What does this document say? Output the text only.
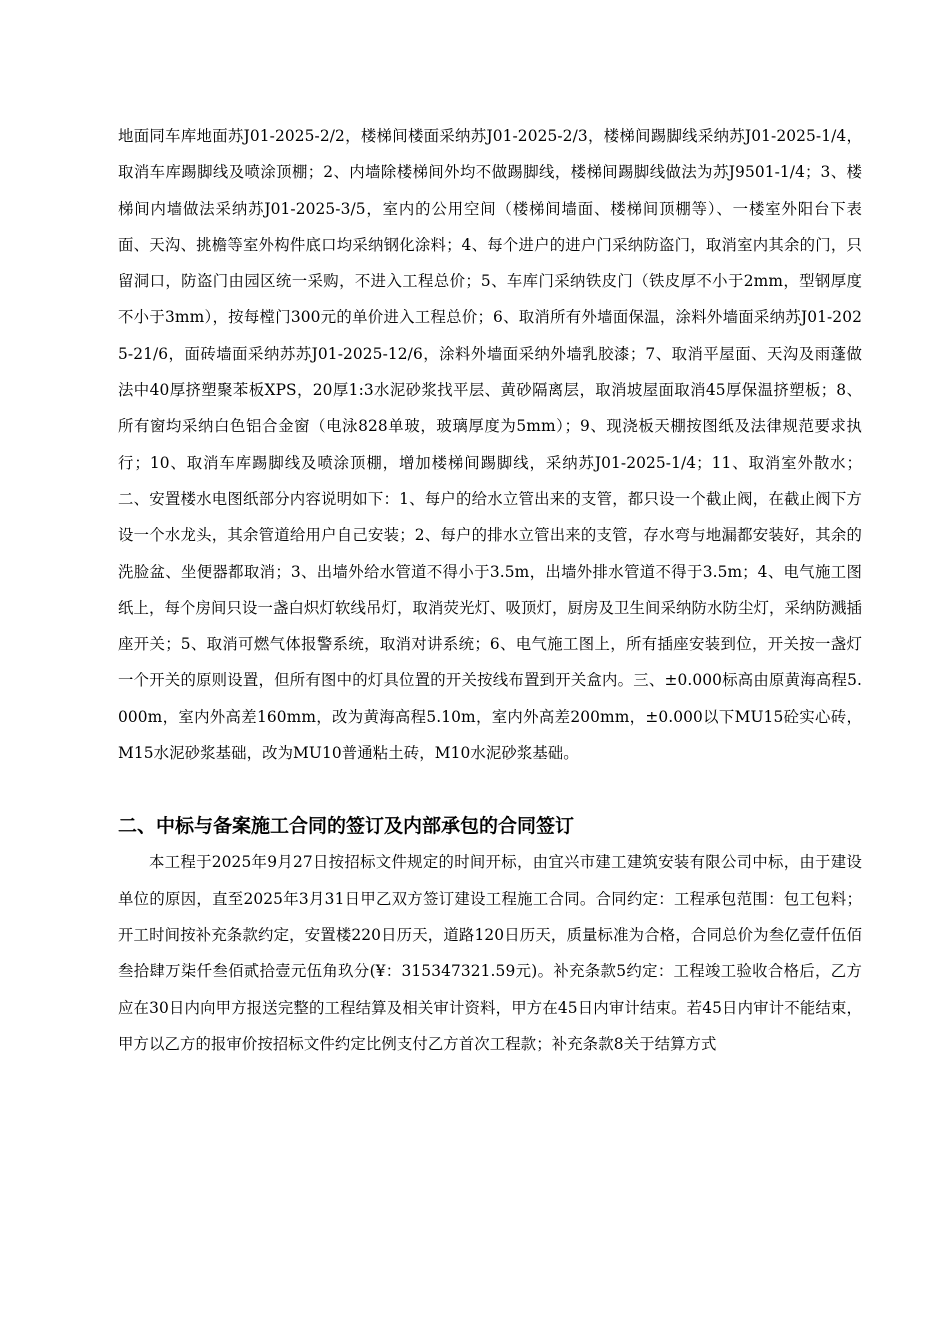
地面同车库地面苏J01-2025-2/2，楼梯间楼面采纳苏J01-2025-2/3，楼梯间踢脚线采纳苏J01-2025-1/4，取消车库踢脚线及喷涂顶棚；2、内墙除楼梯间外均不做踢脚线，楼梯间踢脚线做法为苏J9501-1/4；3、楼梯间内墙做法采纳苏J01-2025-3/5，室内的公用空间（楼梯间墙面、楼梯间顶棚等）、一楼室外阳台下表面、天沟、挑檐等室外构件底口均采纳钢化涂料；4、每个进户的进户门采纳防盗门，取消室内其余的门，只留洞口，防盗门由园区统一采购，不进入工程总价；5、车库门采纳铁皮门（铁皮厚不小于2mm，型钢厚度不小于3mm），按每樘门300元的单价进入工程总价；6、取消所有外墙面保温，涂料外墙面采纳苏J01-2025-21/6，面砖墙面采纳苏苏J01-2025-12/6，涂料外墙面采纳外墙乳胶漆；7、取消平屋面、天沟及雨蓬做法中40厚挤塑聚苯板XPS，20厚1:3水泥砂浆找平层、黄砂隔离层，取消坡屋面取消45厚保温挤塑板；8、所有窗均采纳白色铝合金窗（电泳828单玻，玻璃厚度为5mm）；9、现浇板天棚按图纸及法律规范要求执行；10、取消车库踢脚线及喷涂顶棚，增加楼梯间踢脚线，采纳苏J01-2025-1/4；11、取消室外散水；二、安置楼水电图纸部分内容说明如下：1、每户的给水立管出来的支管，都只设一个截止阀，在截止阀下方设一个水龙头，其余管道给用户自己安装；2、每户的排水立管出来的支管，存水弯与地漏都安装好，其余的洗脸盆、坐便器都取消；3、出墙外给水管道不得小于3.5m，出墙外排水管道不得于3.5m；4、电气施工图纸上，每个房间只设一盏白炽灯软线吊灯，取消荧光灯、吸顶灯，厨房及卫生间采纳防水防尘灯，采纳防溅插座开关；5、取消可燃气体报警系统，取消对讲系统；6、电气施工图上，所有插座安装到位，开关按一盏灯一个开关的原则设置，但所有图中的灯具位置的开关按线布置到开关盒内。三、±0.000标高由原黄海高程5.000m，室内外高差160mm，改为黄海高程5.10m，室内外高差200mm，±0.000以下MU15砼实心砖，M15水泥砂浆基础，改为MU10普通粘土砖，M10水泥砂浆基础。

二、中标与备案施工合同的签订及内部承包的合同签订

本工程于2025年9月27日按招标文件规定的时间开标，由宜兴市建工建筑安装有限公司中标，由于建设单位的原因，直至2025年3月31日甲乙双方签订建设工程施工合同。合同约定：工程承包范围：包工包料；开工时间按补充条款约定，安置楼220日历天，道路120日历天，质量标准为合格，合同总价为叁亿壹仟伍佰叁拾肆万柒仟叁佰贰拾壹元伍角玖分(¥：315347321.59元)。补充条款5约定：工程竣工验收合格后，乙方应在30日内向甲方报送完整的工程结算及相关审计资料，甲方在45日内审计结束。若45日内审计不能结束，甲方以乙方的报审价按招标文件约定比例支付乙方首次工程款；补充条款8关于结算方式
